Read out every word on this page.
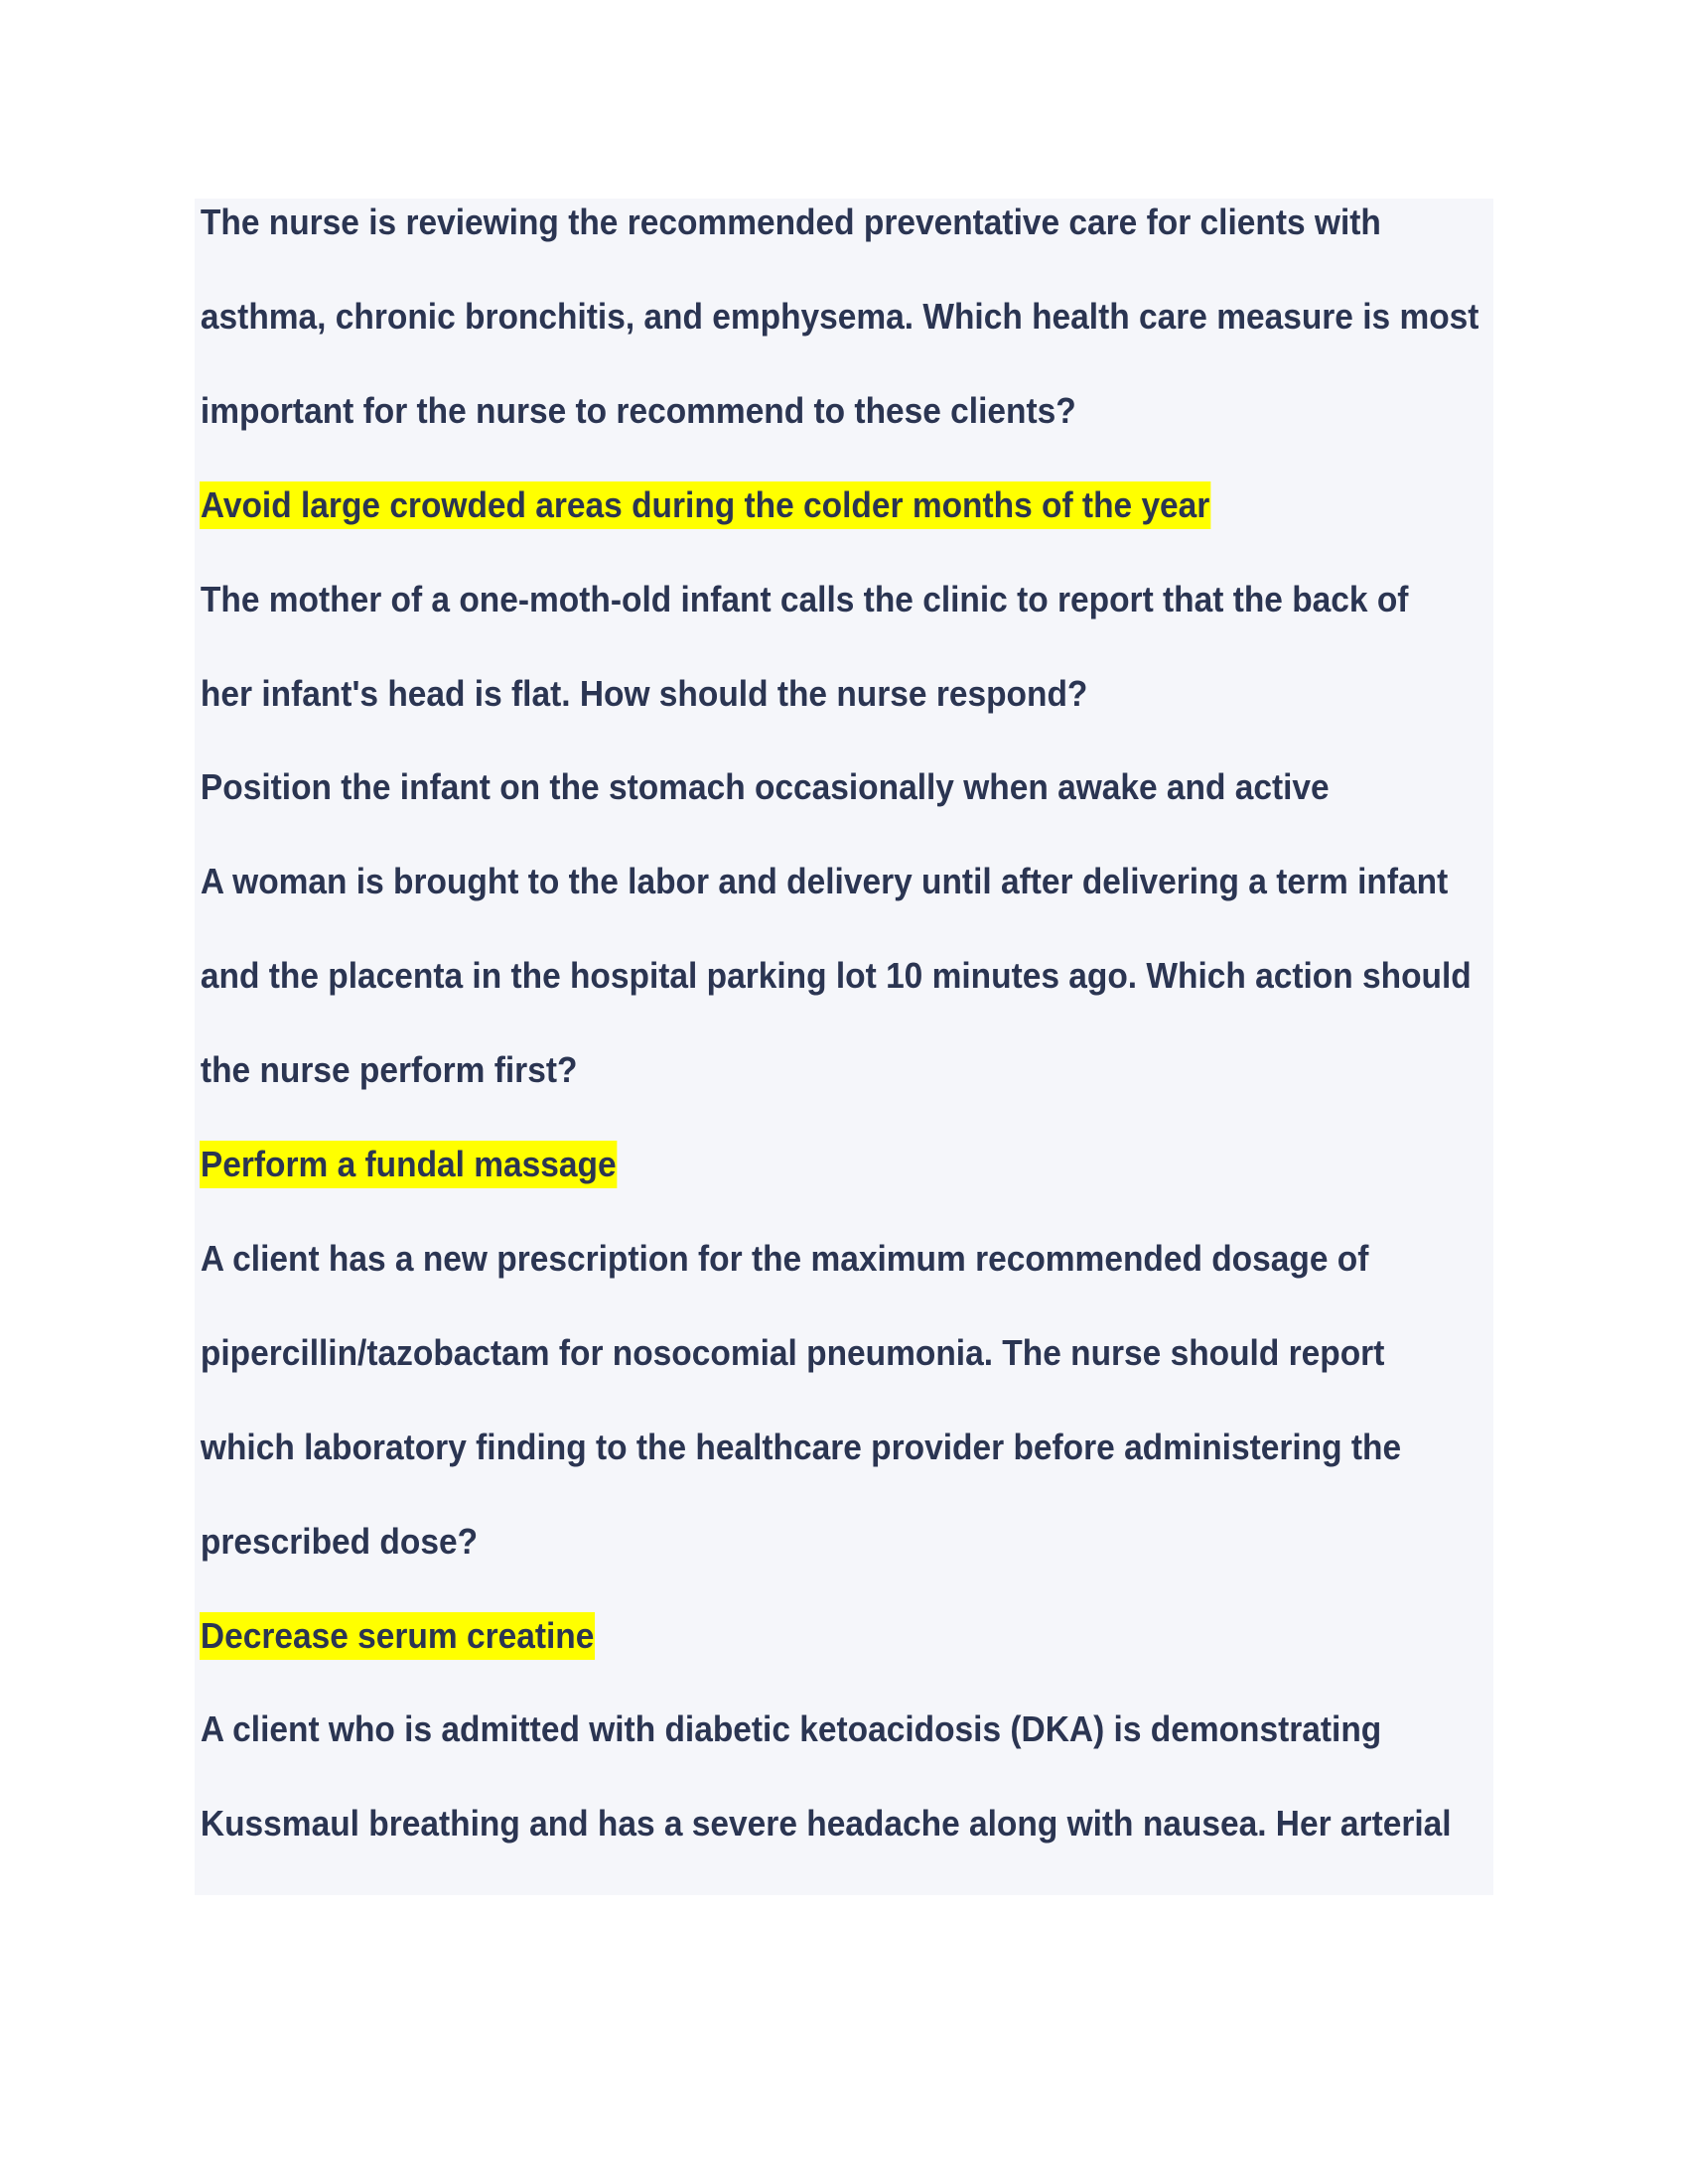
The nurse is reviewing the recommended preventative care for clients with
asthma, chronic bronchitis, and emphysema. Which health care measure is most
important for the nurse to recommend to these clients?
Avoid large crowded areas during the colder months of the year
The mother of a one-moth-old infant calls the clinic to report that the back of
her infant's head is flat. How should the nurse respond?
Position the infant on the stomach occasionally when awake and active
A woman is brought to the labor and delivery until after delivering a term infant
and the placenta in the hospital parking lot 10 minutes ago. Which action should
the nurse perform first?
Perform a fundal massage
A client has a new prescription for the maximum recommended dosage of
pipercillin/tazobactam for nosocomial pneumonia. The nurse should report
which laboratory finding to the healthcare provider before administering the
prescribed dose?
Decrease serum creatine
A client who is admitted with diabetic ketoacidosis (DKA) is demonstrating
Kussmaul breathing and has a severe headache along with nausea. Her arterial
